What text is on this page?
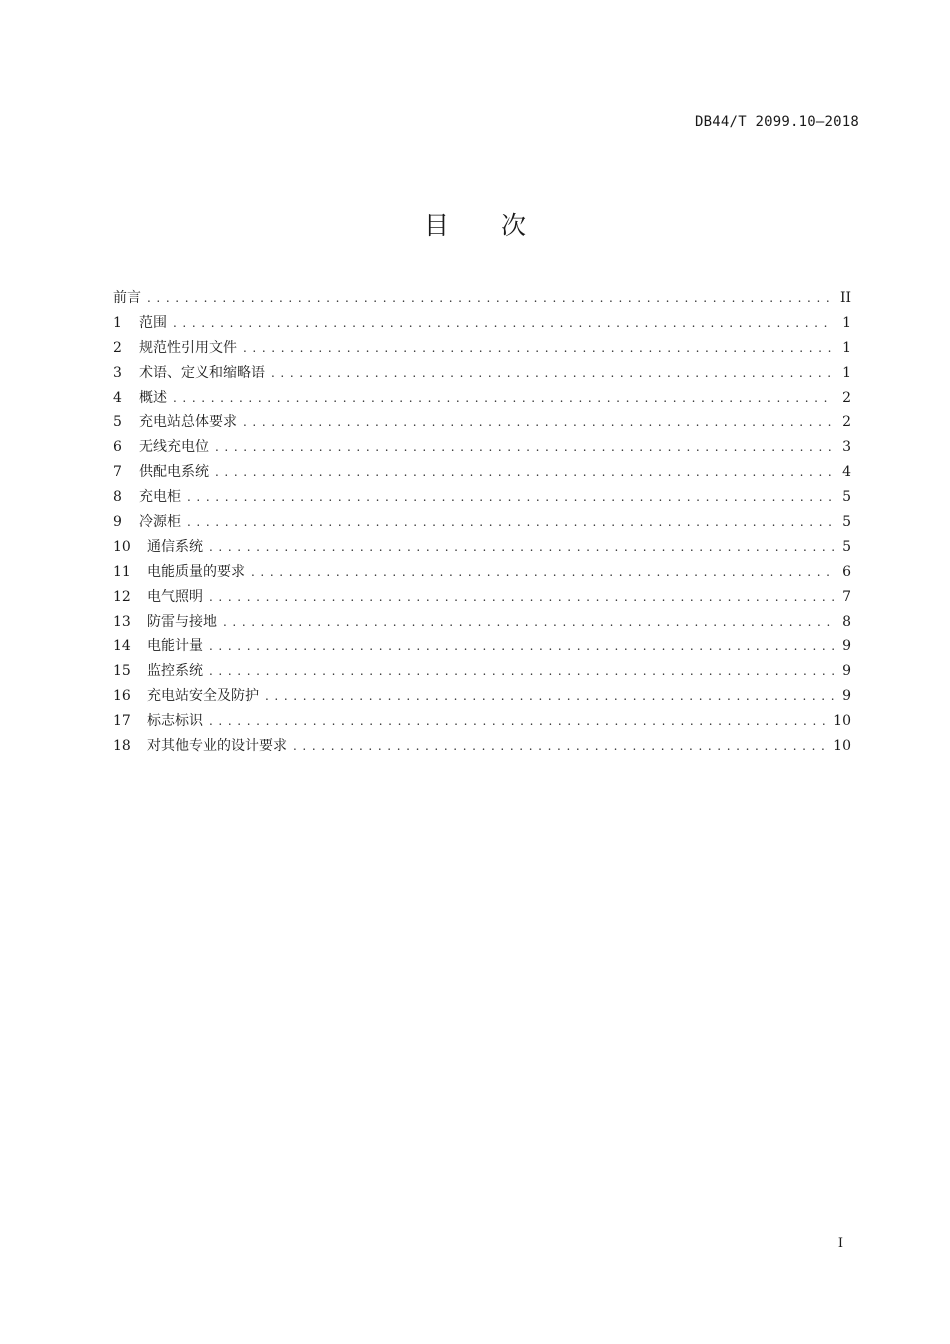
DB44/T 2099.10—2018
目 次
前言 . . .	II
1	范围 . . .	1
2	规范性引用文件 . . .	1
3	术语、定义和缩略语 . . .	1
4	概述 . . .	2
5	充电站总体要求 . . .	2
6	无线充电位 . . .	3
7	供配电系统 . . .	4
8	充电柜 . . .	5
9	冷源柜 . . .	5
10	通信系统 . . .	5
11	电能质量的要求 . . .	6
12	电气照明 . . .	7
13	防雷与接地 . . .	8
14	电能计量 . . .	9
15	监控系统 . . .	9
16	充电站安全及防护 . . .	9
17	标志标识 . . .	10
18	对其他专业的设计要求 . . .	10
I
